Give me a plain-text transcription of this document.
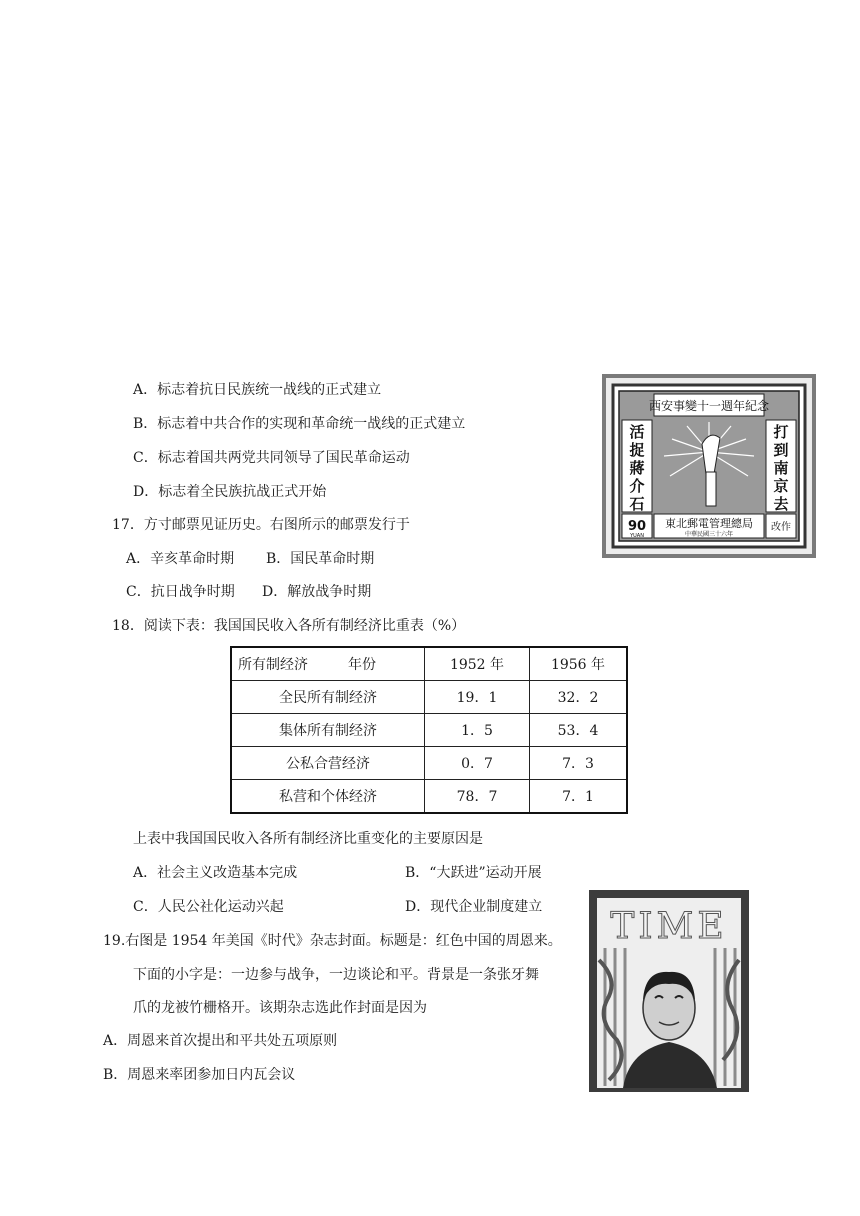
A．标志着抗日民族统一战线的正式建立
B．标志着中共合作的实现和革命统一战线的正式建立
C．标志着国共两党共同领导了国民革命运动
D．标志着全民族抗战正式开始
西安事變十一週年紀念
活
捉
蔣
介
石
打
到
南
京
去
90
YUAN
東北郵電管理總局
中華民國三十六年
改作
17．方寸邮票见证历史。右图所示的邮票发行于
A．辛亥革命时期 B．国民革命时期
C．抗日战争时期 D．解放战争时期
18．阅读下表：我国国民收入各所有制经济比重表（%）
所有制经济 年份	1952 年	1956 年
全民所有制经济	19．1	32．2
集体所有制经济	1．5	53．4
公私合营经济	0．7	7．3
私营和个体经济	78．7	7．1
上表中我国国民收入各所有制经济比重变化的主要原因是
A．社会主义改造基本完成	B．“大跃进”运动开展
C．人民公社化运动兴起	D．现代企业制度建立 TIME
19.右图是 1954 年美国《时代》杂志封面。标题是：红色中国的周恩来。
下面的小字是：一边参与战争，一边谈论和平。背景是一条张牙舞
爪的龙被竹栅格开。该期杂志选此作封面是因为
A．周恩来首次提出和平共处五项原则
B．周恩来率团参加日内瓦会议
